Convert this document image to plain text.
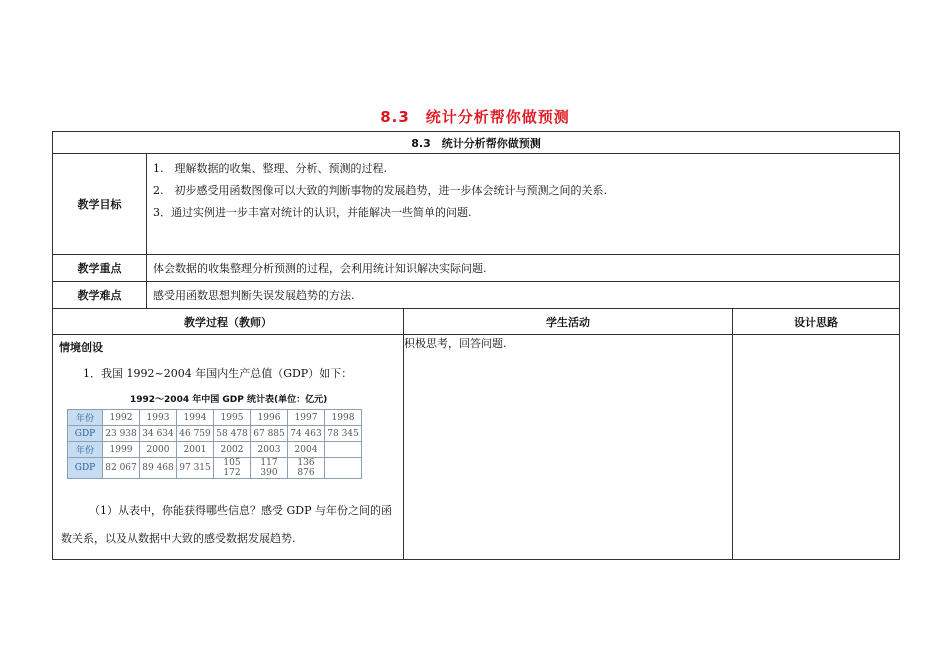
8.3　统计分析帮你做预测
8.3　统计分析帮你做预测
教学目标	

1.　理解数据的收集、整理、分析、预测的过程.

2.　初步感受用函数图像可以大致的判断事物的发展趋势，进一步体会统计与预测之间的关系.

3．通过实例进一步丰富对统计的认识，并能解决一些简单的问题.

教学重点	体会数据的收集整理分析预测的过程，会利用统计知识解决实际问题.
教学难点	感受用函数思想判断失误发展趋势的方法.
教学过程（教师）	学生活动	设计思路

情境创设
1．我国 1992~2004 年国内生产总值（GDP）如下：
1992～2004 年中国 GDP 统计表(单位：亿元)
年份	1992	1993	1994	1995	1996	1997	1998
GDP	23 938	34 634	46 759	58 478	67 885	74 463	78 345
年份	1999	2000	2001	2002	2003	2004	
GDP	82 067	89 468	97 315	105 172	117 390	136 876	
（1）从表中，你能获得哪些信息？感受 GDP 与年份之间的函
数关系，以及从数据中大致的感受数据发展趋势.
	积极思考，回答问题.	
